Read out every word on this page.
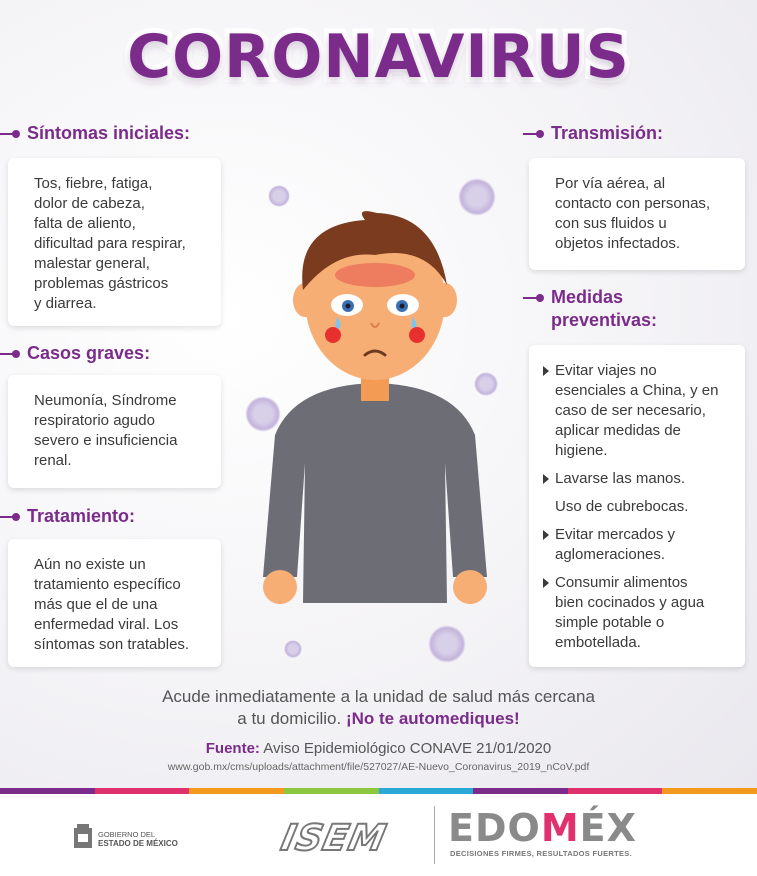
CORONAVIRUS
Síntomas iniciales:

Tos, fiebre, fatiga,
dolor de cabeza,
falta de aliento,
dificultad para respirar,
malestar general,
problemas gástricos
y diarrea.

Casos graves:

Neumonía, Síndrome
respiratorio agudo
severo e insuficiencia
renal.

Tratamiento:

Aún no existe un
tratamiento específico
más que el de una
enfermedad viral. Los
síntomas son tratables.

Transmisión:

Por vía aérea, al
contacto con personas,
con sus fluidos u
objetos infectados.

Medidas
preventivas:
Evitar viajes no
esenciales a China, y en
caso de ser necesario,
aplicar medidas de
higiene.
Lavarse las manos.
Uso de cubrebocas.
Evitar mercados y
aglomeraciones.
Consumir alimentos
bien cocinados y agua
simple potable o
embotellada.
Acude inmediatamente a la unidad de salud más cercana
a tu domicilio. ¡No te automediques!
Fuente: Aviso Epidemiológico CONAVE 21/01/2020
www.gob.mx/cms/uploads/attachment/file/527027/AE-Nuevo_Coronavirus_2019_nCoV.pdf
GOBIERNO DEL
ESTADO DE MÉXICO	ISEM EDOMÉX
DECISIONES FIRMES, RESULTADOS FUERTES.
